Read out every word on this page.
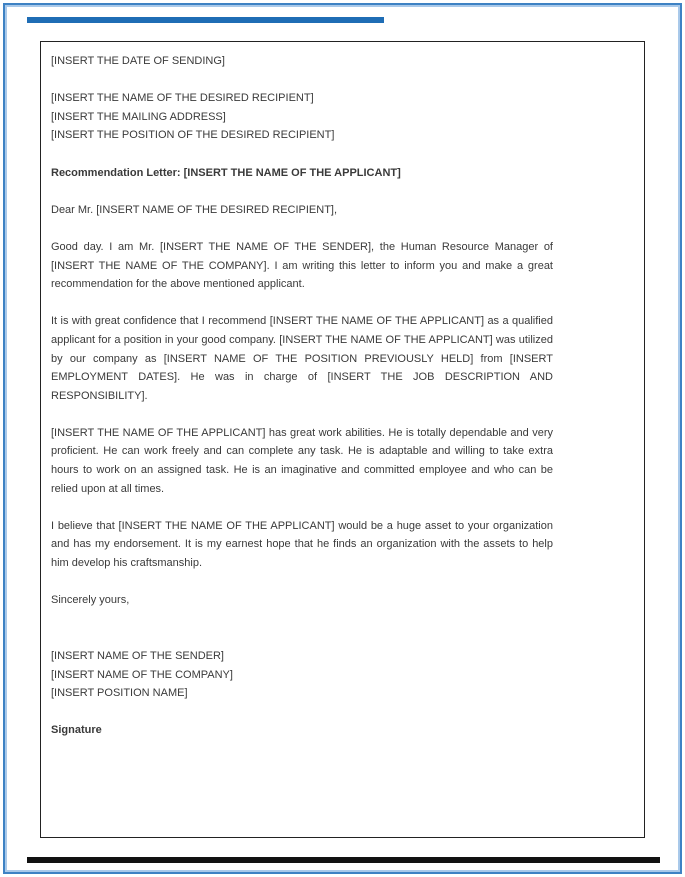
[INSERT THE DATE OF SENDING]

[INSERT THE NAME OF THE DESIRED RECIPIENT]

[INSERT THE MAILING ADDRESS]

[INSERT THE POSITION OF THE DESIRED RECIPIENT]

Recommendation Letter: [INSERT THE NAME OF THE APPLICANT]

Dear Mr. [INSERT NAME OF THE DESIRED RECIPIENT],

Good day. I am Mr. [INSERT THE NAME OF THE SENDER], the Human Resource Manager of [INSERT THE NAME OF THE COMPANY]. I am writing this letter to inform you and make a great recommendation for the above mentioned applicant.

It is with great confidence that I recommend [INSERT THE NAME OF THE APPLICANT] as a qualified applicant for a position in your good company. [INSERT THE NAME OF THE APPLICANT] was utilized by our company as [INSERT NAME OF THE POSITION PREVIOUSLY HELD] from [INSERT EMPLOYMENT DATES]. He was in charge of [INSERT THE JOB DESCRIPTION AND RESPONSIBILITY].

[INSERT THE NAME OF THE APPLICANT] has great work abilities. He is totally dependable and very proficient. He can work freely and can complete any task. He is adaptable and willing to take extra hours to work on an assigned task. He is an imaginative and committed employee and who can be relied upon at all times.

I believe that [INSERT THE NAME OF THE APPLICANT] would be a huge asset to your organization and has my endorsement. It is my earnest hope that he finds an organization with the assets to help him develop his craftsmanship.

Sincerely yours,

[INSERT NAME OF THE SENDER]

[INSERT NAME OF THE COMPANY]

[INSERT POSITION NAME]

Signature
